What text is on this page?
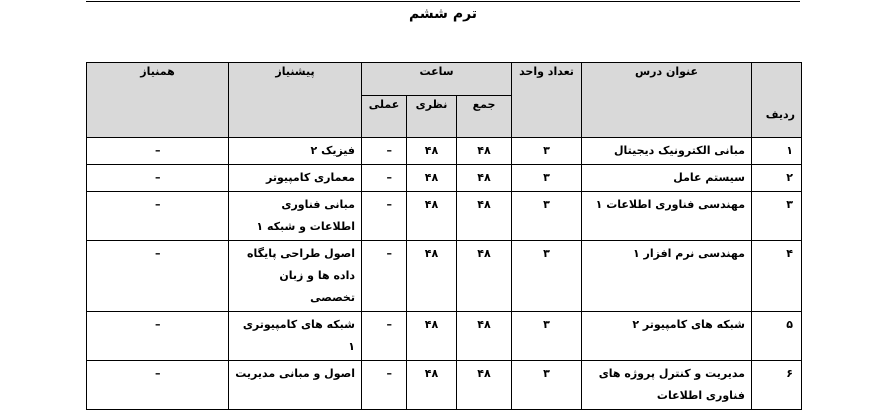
ترم ششم
ردیف	عنوان درس	تعداد واحد	ساعت			پیشنیاز	همنیاز
			جمع	نظری	عملی		
۱	مبانی الکترونیک دیجیتال	۳	۴۸	۴۸	–	فیزیک ۲	–
۲	سیستم عامل	۳	۴۸	۴۸	–	معماری کامپیوتر	–
۳	مهندسی فناوری اطلاعات ۱	۳	۴۸	۴۸	–	مبانی فناوری اطلاعات و شبکه ۱	–
۴	مهندسی نرم افزار ۱	۳	۴۸	۴۸	–	اصول طراحی پایگاه داده ها و زبان تخصصی	–
۵	شبکه های کامپیوتر ۲	۳	۴۸	۴۸	–	شبکه های کامپیوتری ۱	–
۶	مدیریت و کنترل پروژه های فناوری اطلاعات	۳	۴۸	۴۸	–	اصول و مبانی مدیریت	–
